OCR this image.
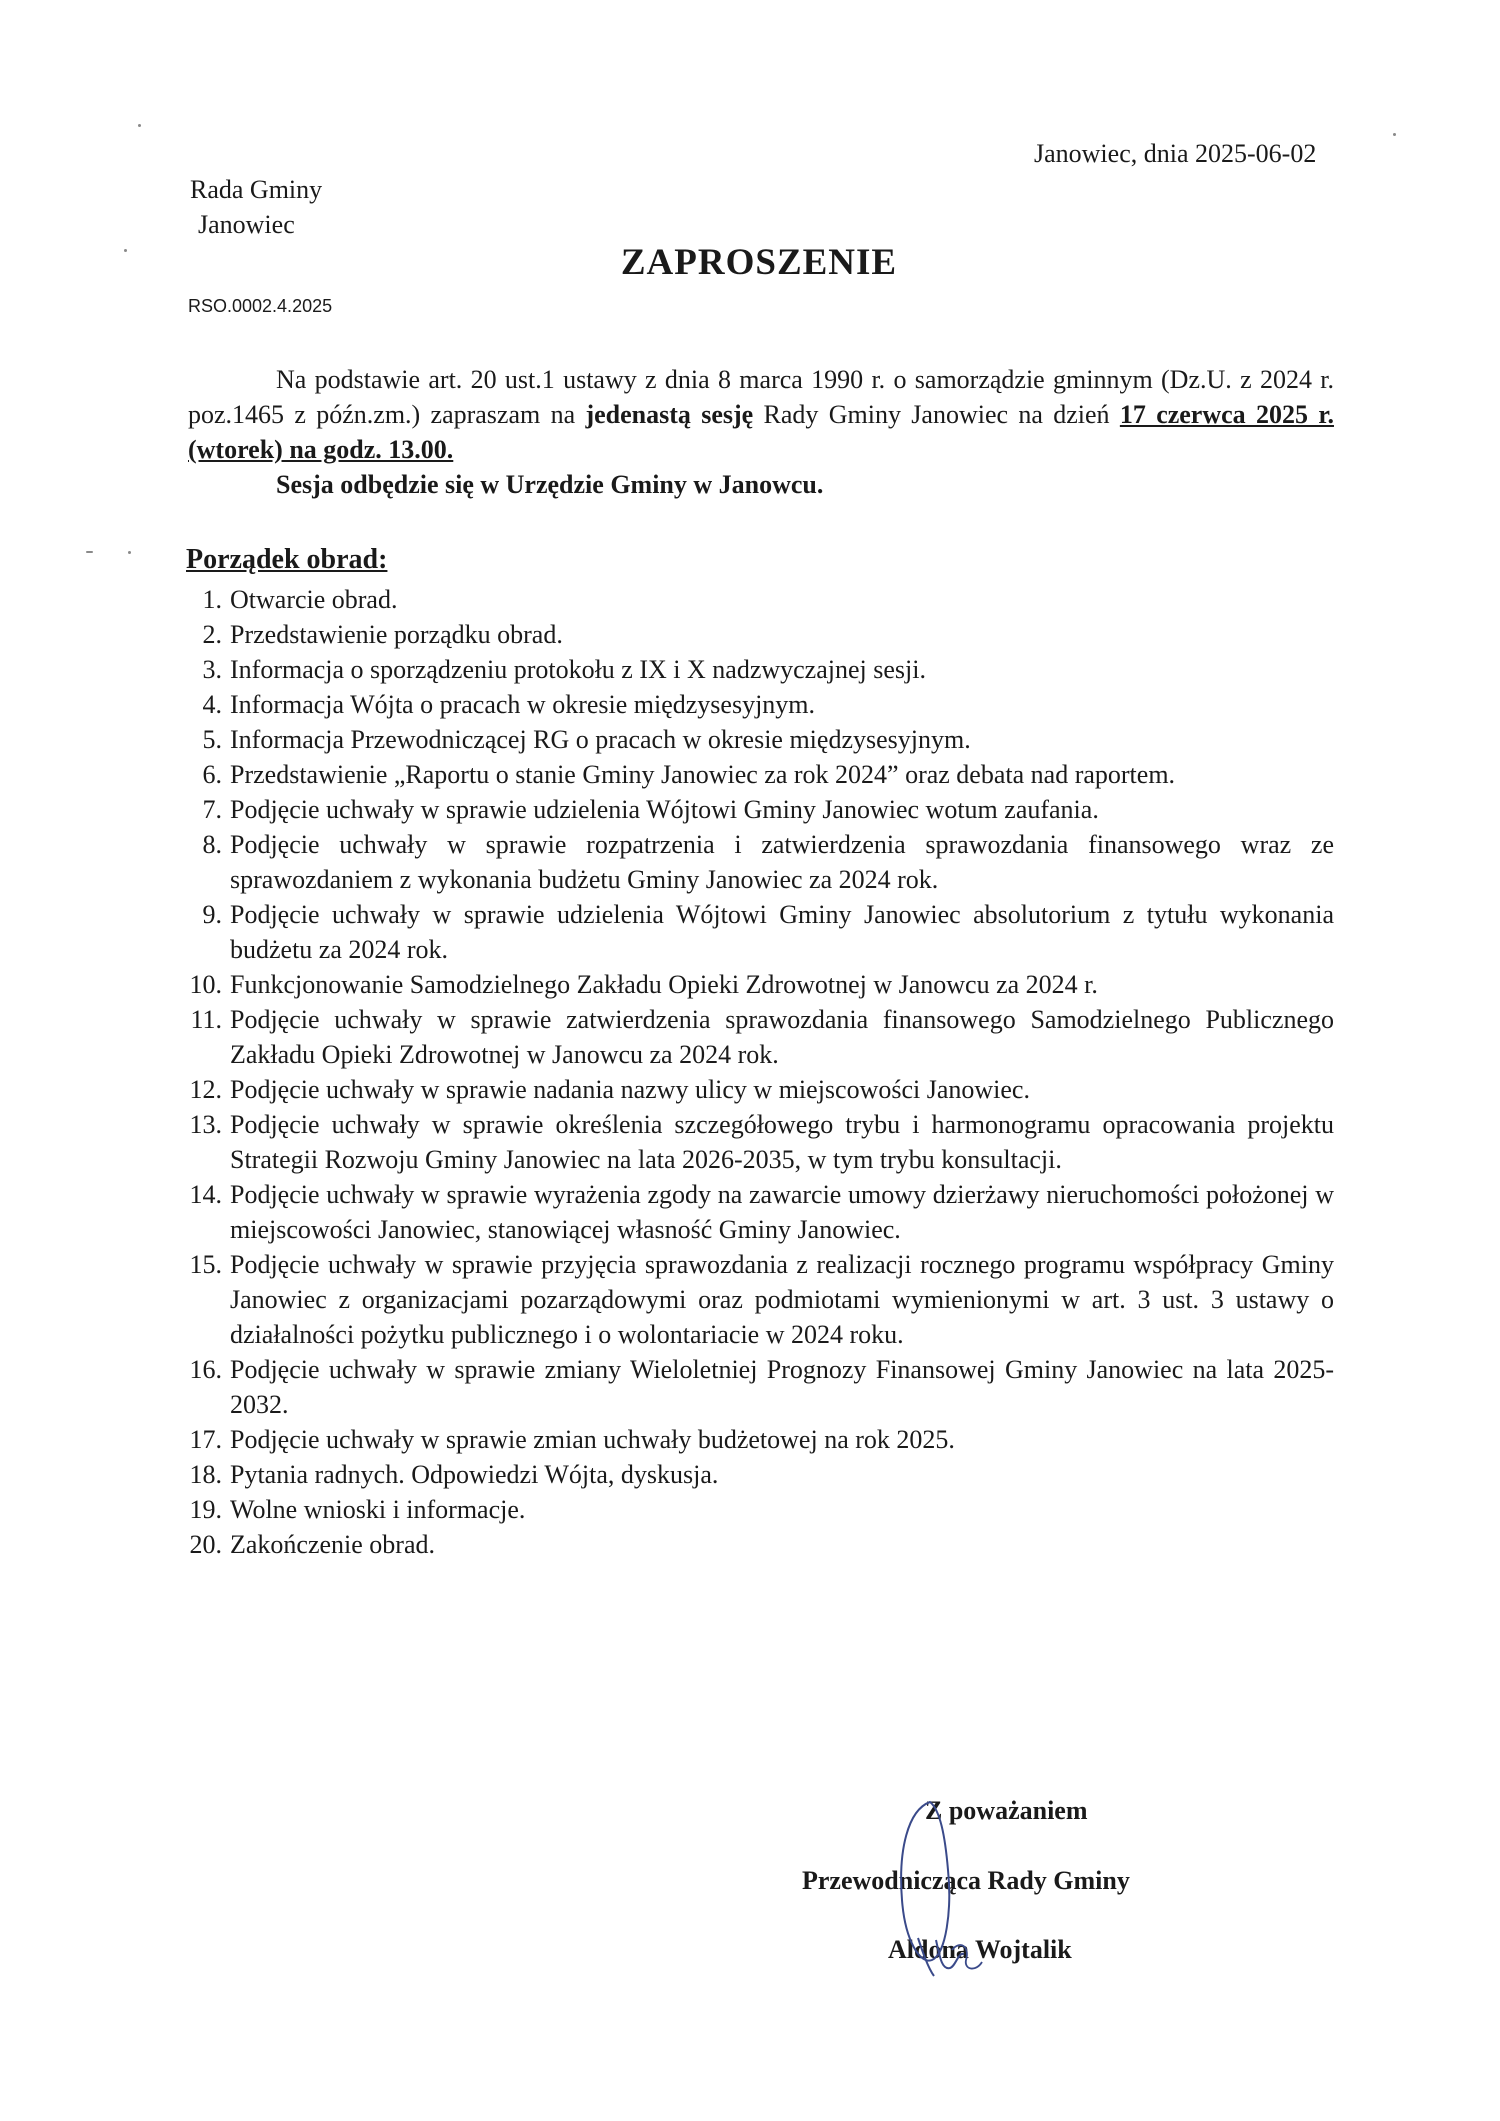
Janowiec, dnia 2025-06-02
Rada Gminy
Janowiec
ZAPROSZENIE
RSO.0002.4.2025

Na podstawie art. 20 ust.1 ustawy z dnia 8 marca 1990 r. o samorządzie gminnym (Dz.U. z 2024 r. poz.1465 z późn.zm.) zapraszam na jedenastą sesję Rady Gminy Janowiec na dzień 17 czerwca 2025 r. (wtorek) na godz. 13.00.

Sesja odbędzie się w Urzędzie Gminy w Janowcu.
Porządek obrad:
1. Otwarcie obrad.
2. Przedstawienie porządku obrad.
3. Informacja o sporządzeniu protokołu z IX i X nadzwyczajnej sesji.
4. Informacja Wójta o pracach w okresie międzysesyjnym.
5. Informacja Przewodniczącej RG o pracach w okresie międzysesyjnym.
6. Przedstawienie „Raportu o stanie Gminy Janowiec za rok 2024” oraz debata nad raportem.
7. Podjęcie uchwały w sprawie udzielenia Wójtowi Gminy Janowiec wotum zaufania.
8. Podjęcie uchwały w sprawie rozpatrzenia i zatwierdzenia sprawozdania finansowego wraz ze sprawozdaniem z wykonania budżetu Gminy Janowiec za 2024 rok.
9. Podjęcie uchwały w sprawie udzielenia Wójtowi Gminy Janowiec absolutorium z tytułu wykonania budżetu za 2024 rok.
10. Funkcjonowanie Samodzielnego Zakładu Opieki Zdrowotnej w Janowcu za 2024 r.
11. Podjęcie uchwały w sprawie zatwierdzenia sprawozdania finansowego Samodzielnego Publicznego Zakładu Opieki Zdrowotnej w Janowcu za 2024 rok.
12. Podjęcie uchwały w sprawie nadania nazwy ulicy w miejscowości Janowiec.
13. Podjęcie uchwały w sprawie określenia szczegółowego trybu i harmonogramu opracowania projektu Strategii Rozwoju Gminy Janowiec na lata 2026-2035, w tym trybu konsultacji.
14. Podjęcie uchwały w sprawie wyrażenia zgody na zawarcie umowy dzierżawy nieruchomości położonej w miejscowości Janowiec, stanowiącej własność Gminy Janowiec.
15. Podjęcie uchwały w sprawie przyjęcia sprawozdania z realizacji rocznego programu współpracy Gminy Janowiec z organizacjami pozarządowymi oraz podmiotami wymienionymi w art. 3 ust. 3 ustawy o działalności pożytku publicznego i o wolontariacie w 2024 roku.
16. Podjęcie uchwały w sprawie zmiany Wieloletniej Prognozy Finansowej Gminy Janowiec na lata 2025-2032.
17. Podjęcie uchwały w sprawie zmian uchwały budżetowej na rok 2025.
18. Pytania radnych. Odpowiedzi Wójta, dyskusja.
19. Wolne wnioski i informacje.
20. Zakończenie obrad.
Z poważaniem
Przewodnicząca Rady Gminy
Aldona Wojtalik
